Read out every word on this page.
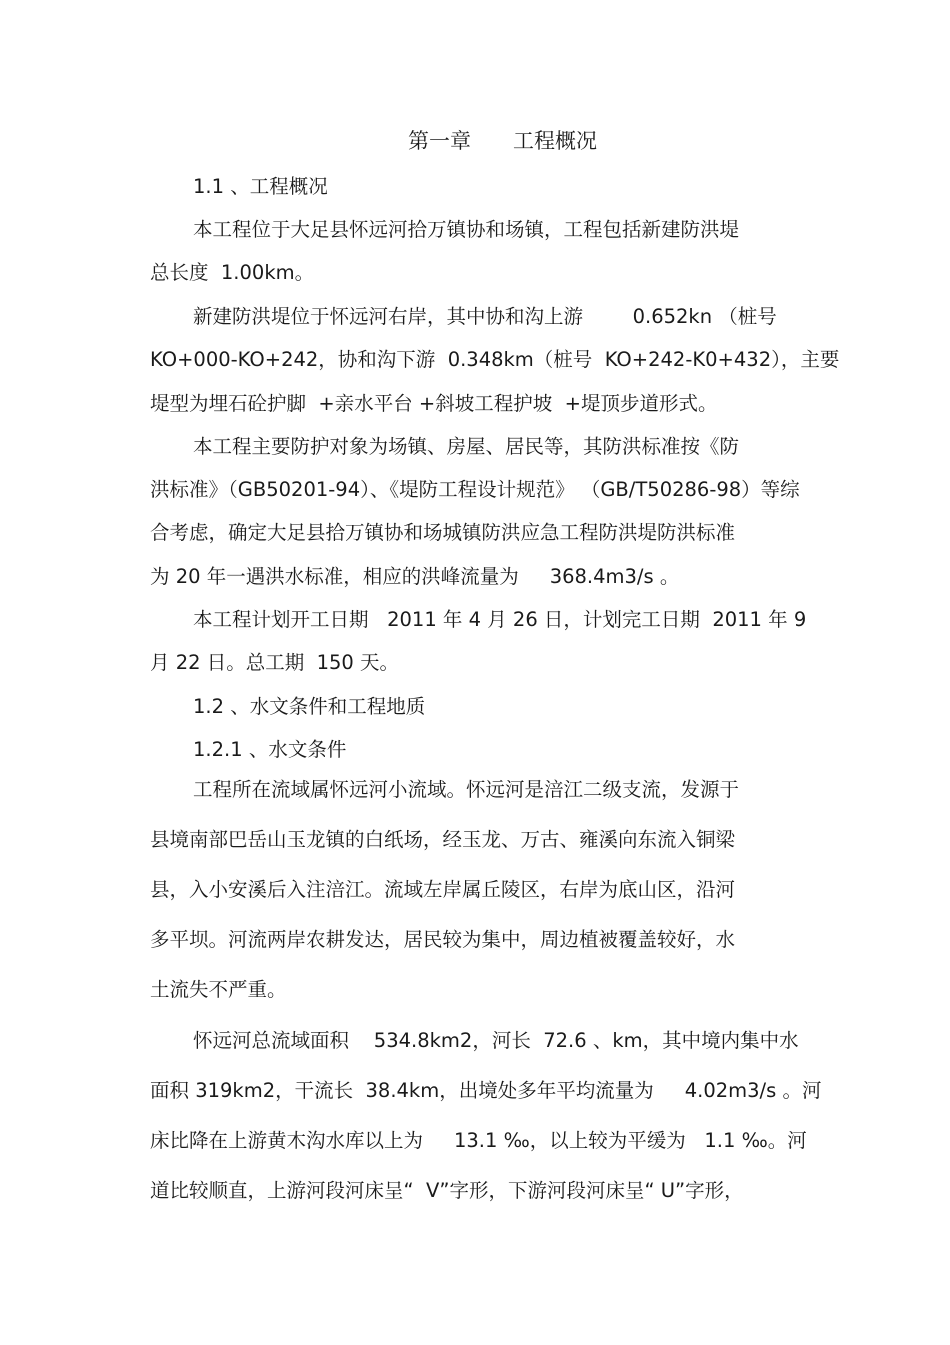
第一章　　工程概况

1.1 、工程概况

本工程位于大足县怀远河拾万镇协和场镇，工程包括新建防洪堤

总长度  1.00km。

新建防洪堤位于怀远河右岸，其中协和沟上游        0.652kn （桩号

KO+000-KO+242，协和沟下游  0.348km（桩号  KO+242-K0+432），主要

堤型为埋石砼护脚  +亲水平台 +斜坡工程护坡  +堤顶步道形式。

本工程主要防护对象为场镇、房屋、居民等，其防洪标准按《防

洪标准》（GB50201-94）、《堤防工程设计规范》 （GB/T50286-98）等综

合考虑，确定大足县拾万镇协和场城镇防洪应急工程防洪堤防洪标准

为 20 年一遇洪水标准，相应的洪峰流量为     368.4m3/s 。

本工程计划开工日期   2011 年 4 月 26 日，计划完工日期  2011 年 9

月 22 日。总工期  150 天。

1.2 、水文条件和工程地质

1.2.1 、水文条件

工程所在流域属怀远河小流域。怀远河是涪江二级支流，发源于

县境南部巴岳山玉龙镇的白纸场，经玉龙、万古、雍溪向东流入铜梁

县，入小安溪后入注涪江。流域左岸属丘陵区，右岸为底山区，沿河

多平坝。河流两岸农耕发达，居民较为集中，周边植被覆盖较好，水

土流失不严重。

怀远河总流域面积    534.8km2，河长  72.6 、km，其中境内集中水

面积 319km2，干流长  38.4km，出境处多年平均流量为     4.02m3/s 。河

床比降在上游黄木沟水库以上为     13.1 ‰，以上较为平缓为   1.1 ‰。河

道比较顺直，上游河段河床呈“  V”字形，下游河段河床呈“ U”字形，
